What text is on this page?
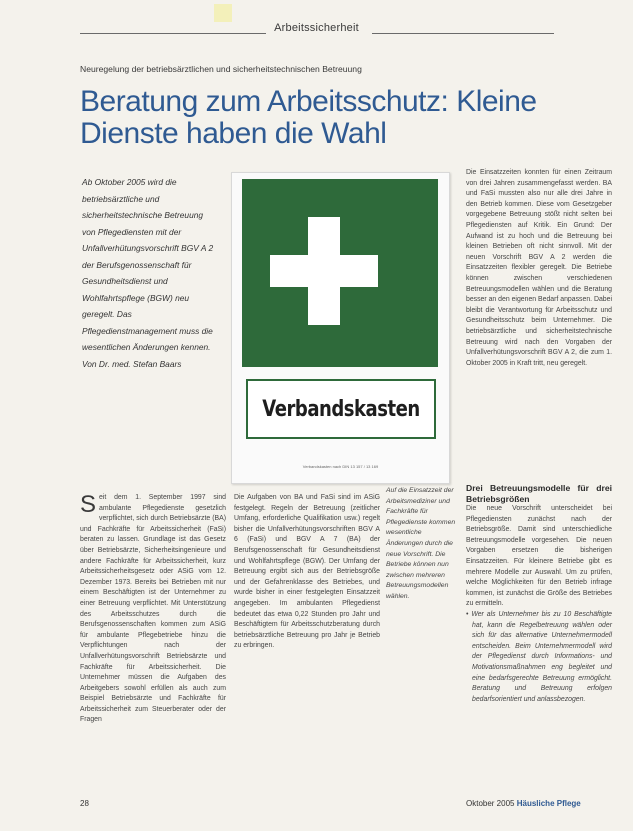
Arbeitssicherheit
Neuregelung der betriebsärztlichen und sicherheitstechnischen Betreuung
Beratung zum Arbeitsschutz: Kleine Dienste haben die Wahl

Ab Oktober 2005 wird die betriebsärztliche und sicherheitstechnische Betreuung von Pflegediensten mit der Unfallverhütungsvorschrift BGV A 2 der Berufsgenossenschaft für Gesundheitsdienst und Wohlfahrtspflege (BGW) neu geregelt. Das Pflegedienstmanagement muss die wesentlichen Änderungen kennen.

Von Dr. med. Stefan Baars

Verbandskasten
Verbandskasten nach DIN 13 157 / 13 169

Die Einsatzzeiten konnten für einen Zeitraum von drei Jahren zusammengefasst werden. BA und FaSi mussten also nur alle drei Jahre in den Betrieb kommen. Diese vom Gesetzgeber vorgegebene Betreuung stößt nicht selten bei Pflegediensten auf Kritik. Ein Grund: Der Aufwand ist zu hoch und die Betreuung bei kleinen Betrieben oft nicht sinnvoll. Mit der neuen Vorschrift BGV A 2 werden die Einsatzzeiten flexibler geregelt. Die Betriebe können zwischen verschiedenen Betreuungsmodellen wählen und die Beratung besser an den eigenen Bedarf anpassen. Dabei bleibt die Verantwortung für Arbeitsschutz und Gesundheitsschutz beim Unternehmer. Die betriebsärztliche und sicherheitstechnische Betreuung wird nach den Vorgaben der Unfallverhütungsvorschrift BGV A 2, die zum 1. Oktober 2005 in Kraft tritt, neu geregelt.

S eit dem 1. September 1997 sind ambulante Pflegedienste gesetzlich verpflichtet, sich durch Betriebsärzte (BA) und Fachkräfte für Arbeitssicherheit (FaSi) beraten zu lassen. Grundlage ist das Gesetz über Betriebsärzte, Sicherheitsingenieure und andere Fachkräfte für Arbeitssicherheit, kurz Arbeitssicherheitsgesetz oder ASiG vom 12. Dezember 1973. Bereits bei Betrieben mit nur einem Beschäftigten ist der Unternehmer zu einer Betreuung verpflichtet. Mit Unterstützung des Arbeitsschutzes durch die Berufsgenossenschaften kommen zum ASiG für ambulante Pflegebetriebe hinzu die Verpflichtungen nach der Unfallverhütungsvorschrift Betriebsärzte und Fachkräfte für Arbeitssicherheit. Die Unternehmer müssen die Aufgaben des Arbeitgebers sowohl erfüllen als auch zum Beispiel Betriebsärzte und Fachkräfte für Arbeitssicherheit zum Steuerberater oder der Fragen

Die Aufgaben von BA und FaSi sind im ASiG festgelegt. Regeln der Betreuung (zeitlicher Umfang, erforderliche Qualifikation usw.) regelt bisher die Unfallverhütungsvorschriften BGV A 6 (FaSi) und BGV A 7 (BA) der Berufsgenossenschaft für Gesundheitsdienst und Wohlfahrtspflege (BGW). Der Umfang der Betreuung ergibt sich aus der Betriebsgröße und der Gefahrenklasse des Betriebes, und wurde bisher in einer festgelegten Einsatzzeit angegeben. Im ambulanten Pflegedienst bedeutet das etwa 0,22 Stunden pro Jahr und Beschäftigtem für Arbeitsschutzberatung durch betriebsärztliche Betreuung pro Jahr je Betrieb zu erbringen.

Auf die Einsatzzeit der Arbeitsmediziner und Fachkräfte für Pflegedienste kommen wesentliche Änderungen durch die neue Vorschrift. Die Betriebe können nun zwischen mehreren Betreuungsmodellen wählen.

Drei Betreuungsmodelle für drei Betriebsgrößen

Die neue Vorschrift unterscheidet bei Pflegediensten zunächst nach der Betriebsgröße. Damit sind unterschiedliche Betreuungsmodelle vorgesehen. Die neuen Vorgaben ersetzen die bisherigen Einsatzzeiten. Für kleinere Betriebe gibt es mehrere Modelle zur Auswahl. Um zu prüfen, welche Möglichkeiten für den Betrieb infrage kommen, ist zunächst die Größe des Betriebes zu ermitteln.

• Wer als Unternehmer bis zu 10 Beschäftigte hat, kann die Regelbetreuung wählen oder sich für das alternative Unternehmermodell entscheiden. Beim Unternehmermodell wird der Pflegedienst durch Informations- und Motivationsmaßnahmen eng begleitet und eine bedarfsgerechte Betreuung ermöglicht. Beratung und Betreuung erfolgen bedarfsorientiert und anlassbezogen.

28	Oktober 2005 Häusliche Pflege
